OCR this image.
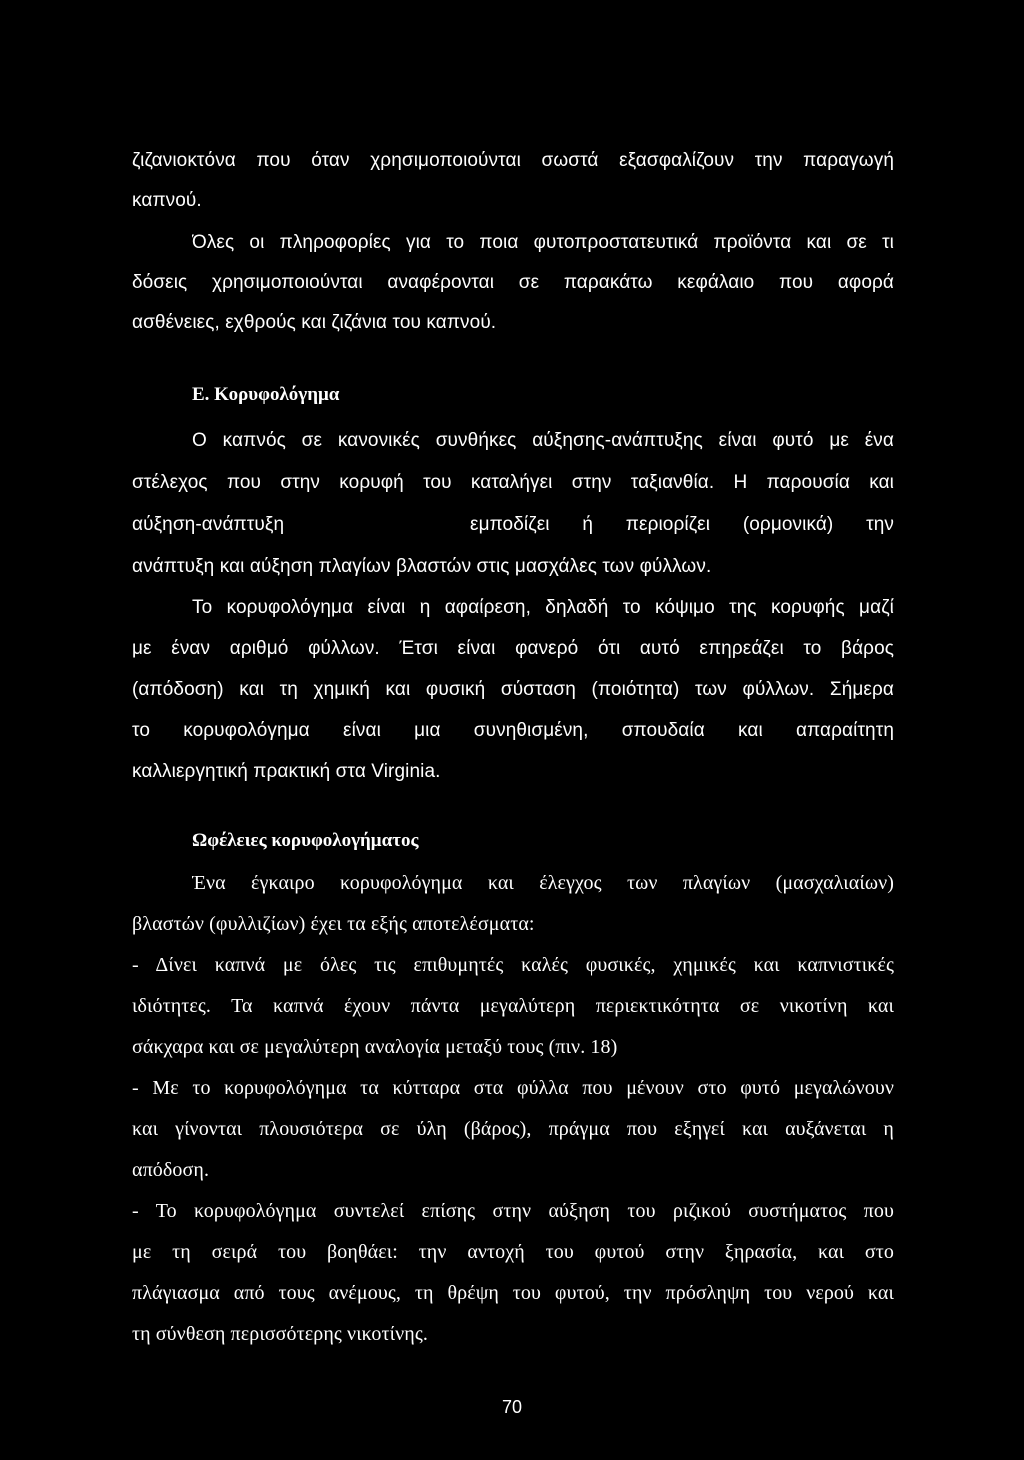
ζιζανιοκτόνα που όταν χρησιμοποιούνται σωστά εξασφαλίζουν την παραγωγή
καπνού.
Όλες οι πληροφορίες για το ποια φυτοπροστατευτικά προϊόντα και σε τι
δόσεις χρησιμοποιούνται αναφέρονται σε παρακάτω κεφάλαιο που αφορά
ασθένειες, εχθρούς και ζιζάνια του καπνού.
Ε. Κορυφολόγημα
Ο καπνός σε κανονικές συνθήκες αύξησης-ανάπτυξης είναι φυτό με ένα
στέλεχος που στην κορυφή του καταλήγει στην ταξιανθία. Η παρουσία και
αύξηση-ανάπτυξη	εμποδίζει ή περιορίζει (ορμονικά) την
ανάπτυξη και αύξηση πλαγίων βλαστών στις μασχάλες των φύλλων.
Το κορυφολόγημα είναι η αφαίρεση, δηλαδή το κόψιμο της κορυφής μαζί
με έναν αριθμό φύλλων. Έτσι είναι φανερό ότι αυτό επηρεάζει το βάρος
(απόδοση) και τη χημική και φυσική σύσταση (ποιότητα) των φύλλων. Σήμερα
το κορυφολόγημα είναι μια συνηθισμένη, σπουδαία και απαραίτητη
καλλιεργητική πρακτική στα Virginia.
Ωφέλειες κορυφολογήματος
Ένα έγκαιρο κορυφολόγημα και έλεγχος των πλαγίων (μασχαλιαίων)
βλαστών (φυλλιζίων) έχει τα εξής αποτελέσματα:
- Δίνει καπνά με όλες τις επιθυμητές καλές φυσικές, χημικές και καπνιστικές
ιδιότητες. Τα καπνά έχουν πάντα μεγαλύτερη περιεκτικότητα σε νικοτίνη και
σάκχαρα και σε μεγαλύτερη αναλογία μεταξύ τους (πιν. 18)
- Με το κορυφολόγημα τα κύτταρα στα φύλλα που μένουν στο φυτό μεγαλώνουν
και γίνονται πλουσιότερα σε ύλη (βάρος), πράγμα που εξηγεί και αυξάνεται η
απόδοση.
- Το κορυφολόγημα συντελεί επίσης στην αύξηση του ριζικού συστήματος που
με τη σειρά του βοηθάει: την αντοχή του φυτού στην ξηρασία, και στο
πλάγιασμα από τους ανέμους, τη θρέψη του φυτού, την πρόσληψη του νερού και
τη σύνθεση περισσότερης νικοτίνης.
70
